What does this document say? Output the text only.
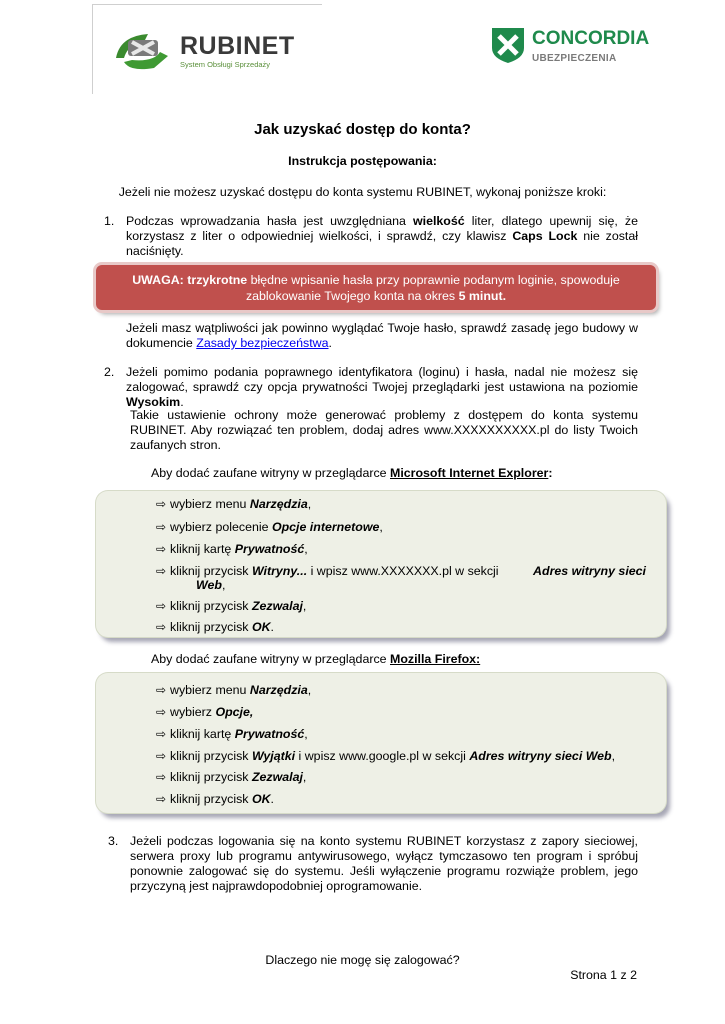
RUBINET
System Obsługi Sprzedaży
CONCORDIA
UBEZPIECZENIA
Jak uzyskać dostęp do konta?
Instrukcja postępowania:
Jeżeli nie możesz uzyskać dostępu do konta systemu RUBINET, wykonaj poniższe kroki:
1. Podczas wprowadzania hasła jest uwzględniana wielkość liter, dlatego upewnij się, że korzystasz z liter o odpowiedniej wielkości, i sprawdź, czy klawisz Caps Lock nie został naciśnięty.
UWAGA: trzykrotne błędne wpisanie hasła przy poprawnie podanym loginie, spowoduje zablokowanie Twojego konta na okres 5 minut.
Jeżeli masz wątpliwości jak powinno wyglądać Twoje hasło, sprawdź zasadę jego budowy w dokumencie Zasady bezpieczeństwa.
2. Jeżeli pomimo podania poprawnego identyfikatora (loginu) i hasła, nadal nie możesz się zalogować, sprawdź czy opcja prywatności Twojej przeglądarki jest ustawiona na poziomie Wysokim.
Takie ustawienie ochrony może generować problemy z dostępem do konta systemu RUBINET. Aby rozwiązać ten problem, dodaj adres www.XXXXXXXXXX.pl do listy Twoich zaufanych stron.
Aby dodać zaufane witryny w przeglądarce Microsoft Internet Explorer:
⇨ wybierz menu Narzędzia,
⇨ wybierz polecenie Opcje internetowe,
⇨ kliknij kartę Prywatność,
⇨ kliknij przycisk Witryny... i wpisz www.XXXXXXX.pl w sekcji	Adres witryny sieci
Web,
⇨ kliknij przycisk Zezwalaj,
⇨ kliknij przycisk OK.
Aby dodać zaufane witryny w przeglądarce Mozilla Firefox:
⇨ wybierz menu Narzędzia,
⇨ wybierz Opcje,
⇨ kliknij kartę Prywatność,
⇨ kliknij przycisk Wyjątki i wpisz www.google.pl w sekcji Adres witryny sieci Web,
⇨ kliknij przycisk Zezwalaj,
⇨ kliknij przycisk OK.
3. Jeżeli podczas logowania się na konto systemu RUBINET korzystasz z zapory sieciowej, serwera proxy lub programu antywirusowego, wyłącz tymczasowo ten program i spróbuj ponownie zalogować się do systemu. Jeśli wyłączenie programu rozwiąże problem, jego przyczyną jest najprawdopodobniej oprogramowanie.
Dlaczego nie mogę się zalogować?
Strona 1 z 2
